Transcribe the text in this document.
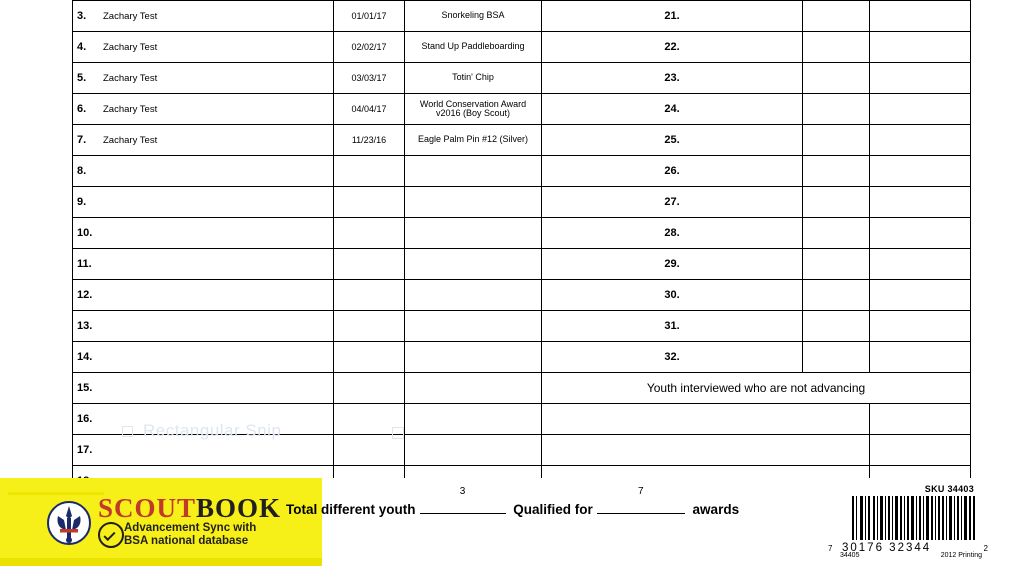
3. Zachary Test	01/01/17	Snorkeling BSA	21.		
4. Zachary Test	02/02/17	Stand Up Paddleboarding	22.		
5. Zachary Test	03/03/17	Totin' Chip	23.		
6. Zachary Test	04/04/17	World Conservation Award v2016 (Boy Scout)	24.		
7. Zachary Test	11/23/16	Eagle Palm Pin #12 (Silver)	25.		
8.			26.		
9.			27.		
10.			28.		
11.			29.		
12.			30.		
13.			31.		
14.			32.		
15.			Youth interviewed who are not advancing		
16.					
17.					

Rectangular Snip
SCOUTBOOK
Advancement Sync with
BSA national database
Total different youth
3
Qualified for
7
awards
SKU 34403
7 30176 32344	2
34405	2012 Printing
